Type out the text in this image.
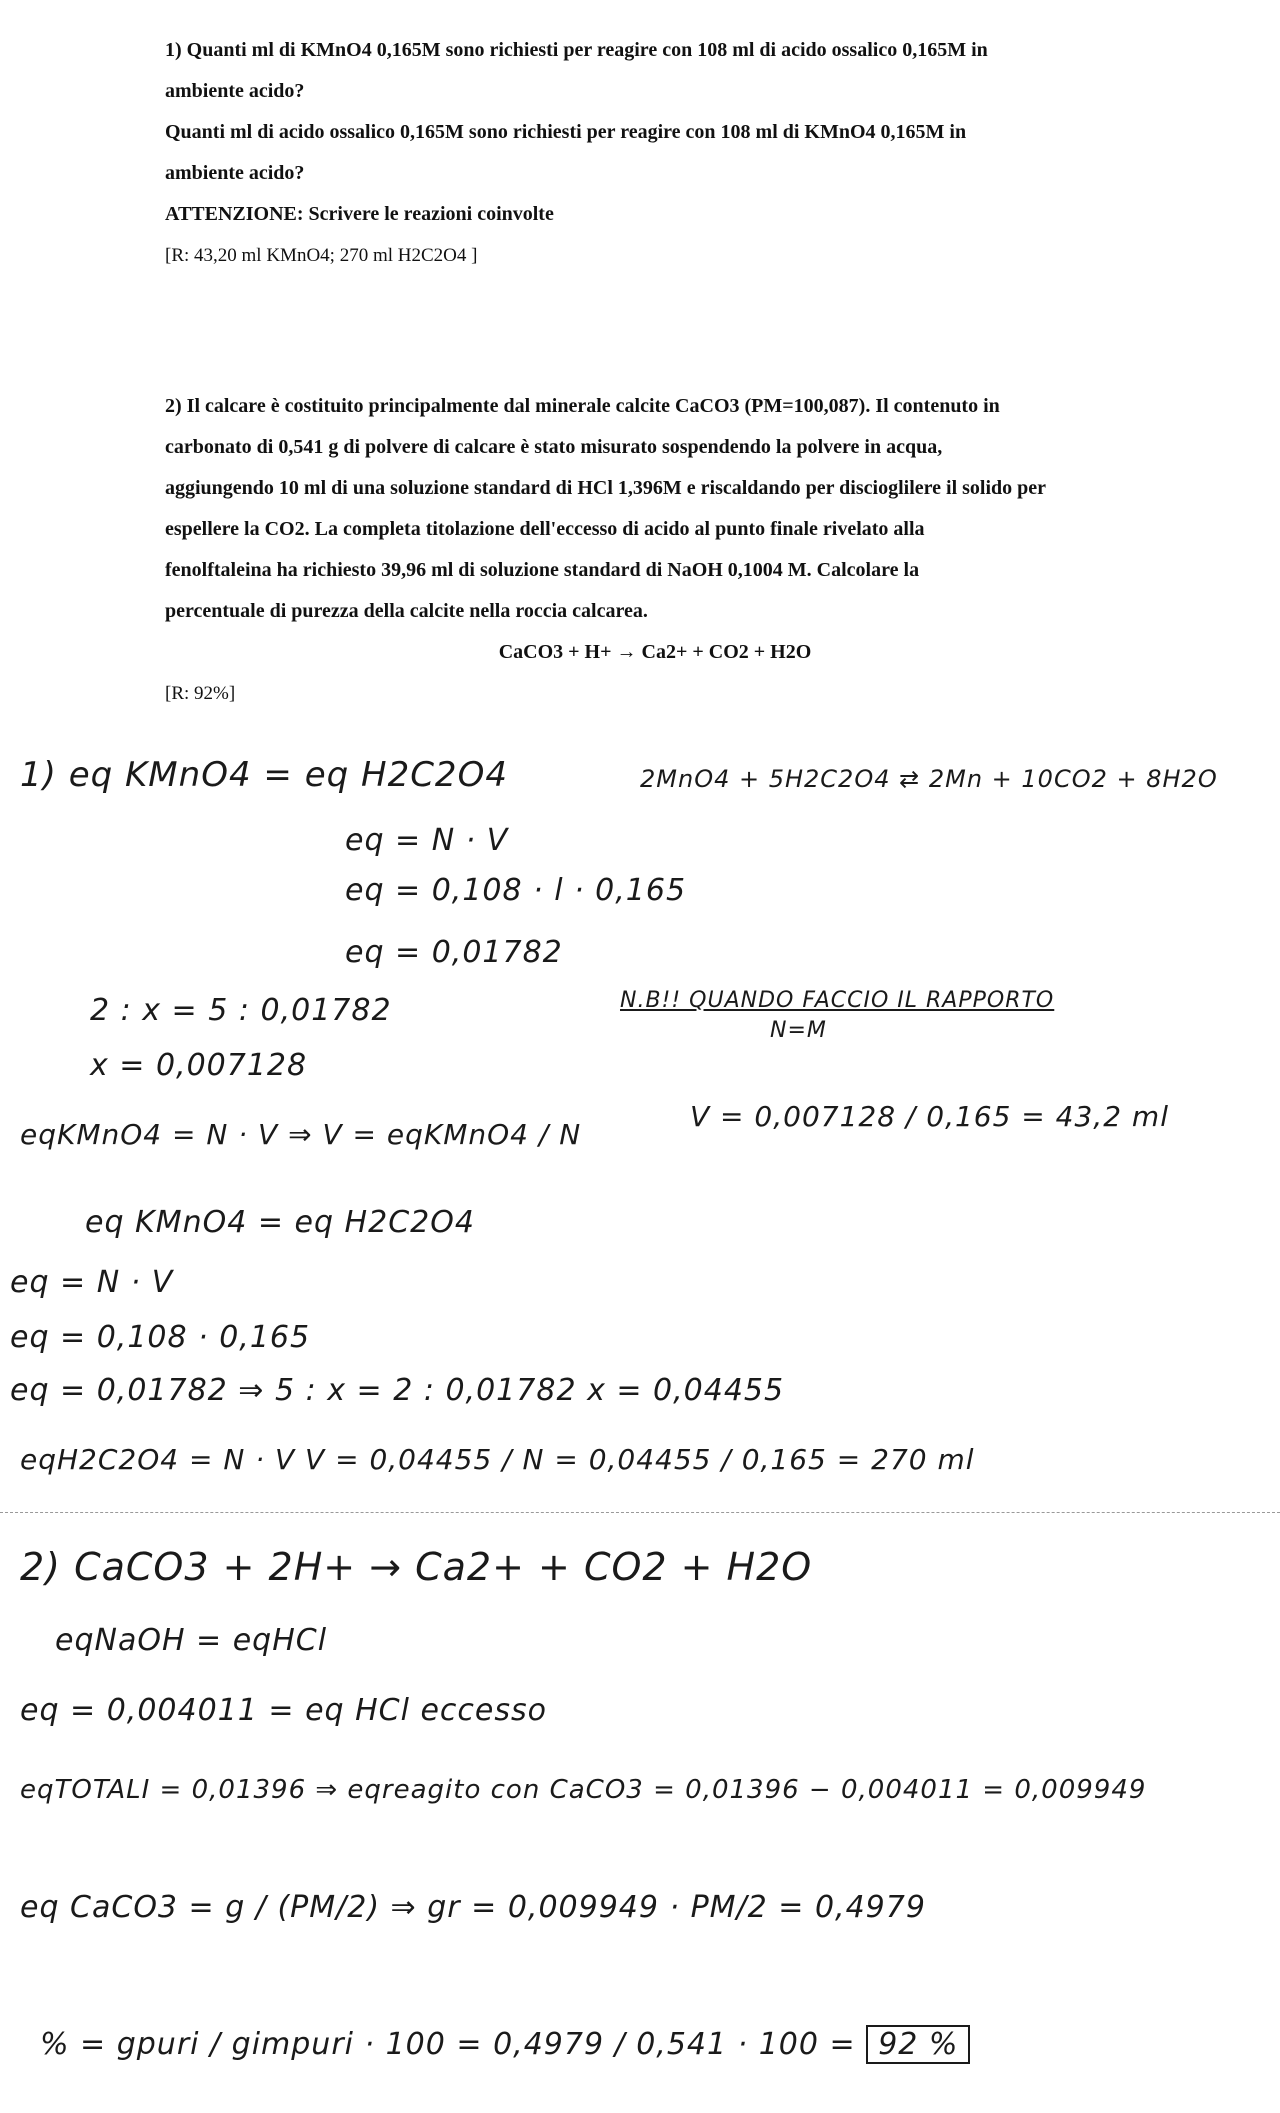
1) Quanti ml di KMnO4 0,165M sono richiesti per reagire con 108 ml di acido ossalico 0,165M in

ambiente acido?

Quanti ml di acido ossalico 0,165M sono richiesti per reagire con 108 ml di KMnO4 0,165M in

ambiente acido?

ATTENZIONE: Scrivere le reazioni coinvolte

[R: 43,20 ml KMnO4; 270 ml H2C2O4 ]

2) Il calcare è costituito principalmente dal minerale calcite CaCO3 (PM=100,087). Il contenuto in

carbonato di 0,541 g di polvere di calcare è stato misurato sospendendo la polvere in acqua,

aggiungendo 10 ml di una soluzione standard di HCl 1,396M e riscaldando per discioglilere il solido per

espellere la CO2. La completa titolazione dell'eccesso di acido al punto finale rivelato alla

fenolftaleina ha richiesto 39,96 ml di soluzione standard di NaOH 0,1004 M. Calcolare la

percentuale di purezza della calcite nella roccia calcarea.

CaCO3 + H+ → Ca2+ + CO2 + H2O

[R: 92%]

1) eq KMnO4 = eq H2C2O4	2MnO4 + 5H2C2O4 ⇄ 2Mn + 10CO2 + 8H2O
eq = N · V
eq = 0,108 · l · 0,165
eq = 0,01782
2 : x = 5 : 0,01782	N.B!! QUANDO FACCIO IL RAPPORTO
N=M
x = 0,007128
eqKMnO4 = N · V ⇒ V = eqKMnO4 / N
V = 0,007128 / 0,165 = 43,2 ml
eq KMnO4 = eq H2C2O4
eq = N · V
eq = 0,108 · 0,165
eq = 0,01782 ⇒ 5 : x = 2 : 0,01782 x = 0,04455
eqH2C2O4 = N · V V = 0,04455 / N = 0,04455 / 0,165 = 270 ml
2) CaCO3 + 2H+ → Ca2+ + CO2 + H2O
eqNaOH = eqHCl
eq = 0,004011 = eq HCl eccesso
eqTOTALI = 0,01396 ⇒ eqreagito con CaCO3 = 0,01396 − 0,004011 = 0,009949
eq CaCO3 = g / (PM/2) ⇒ gr = 0,009949 · PM/2 = 0,4979
% = gpuri / gimpuri · 100 = 0,4979 / 0,541 · 100 = 92 %
